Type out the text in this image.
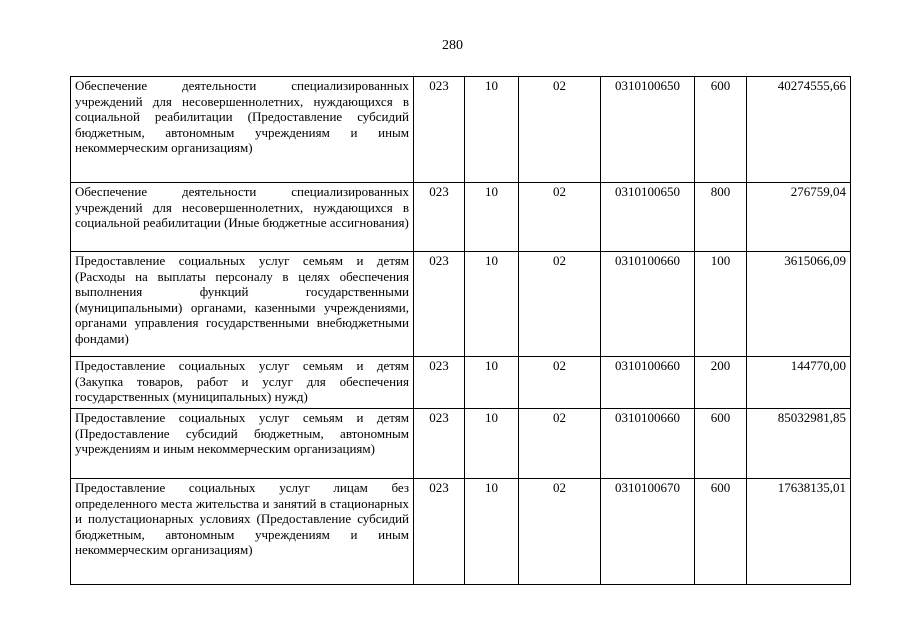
280
Обеспечение деятельности специализированных учреждений для несовершеннолетних, нуждающихся в социальной реабилитации (Предоставление субсидий бюджетным, автономным учреждениям и иным некоммерческим организациям)	023	10	02	0310100650	600	40274555,66
Обеспечение деятельности специализированных учреждений для несовершеннолетних, нуждающихся в социальной реабилитации (Иные бюджетные ассигнования)	023	10	02	0310100650	800	276759,04
Предоставление социальных услуг семьям и детям (Расходы на выплаты персоналу в целях обеспечения выполнения функций государственными (муниципальными) органами, казенными учреждениями, органами управления государственными внебюджетными фондами)	023	10	02	0310100660	100	3615066,09
Предоставление социальных услуг семьям и детям (Закупка товаров, работ и услуг для обеспечения государственных (муниципальных) нужд)	023	10	02	0310100660	200	144770,00
Предоставление социальных услуг семьям и детям (Предоставление субсидий бюджетным, автономным учреждениям и иным некоммерческим организациям)	023	10	02	0310100660	600	85032981,85
Предоставление социальных услуг лицам без определенного места жительства и занятий в стационарных и полустационарных условиях (Предоставление субсидий бюджетным, автономным учреждениям и иным некоммерческим организациям)	023	10	02	0310100670	600	17638135,01
